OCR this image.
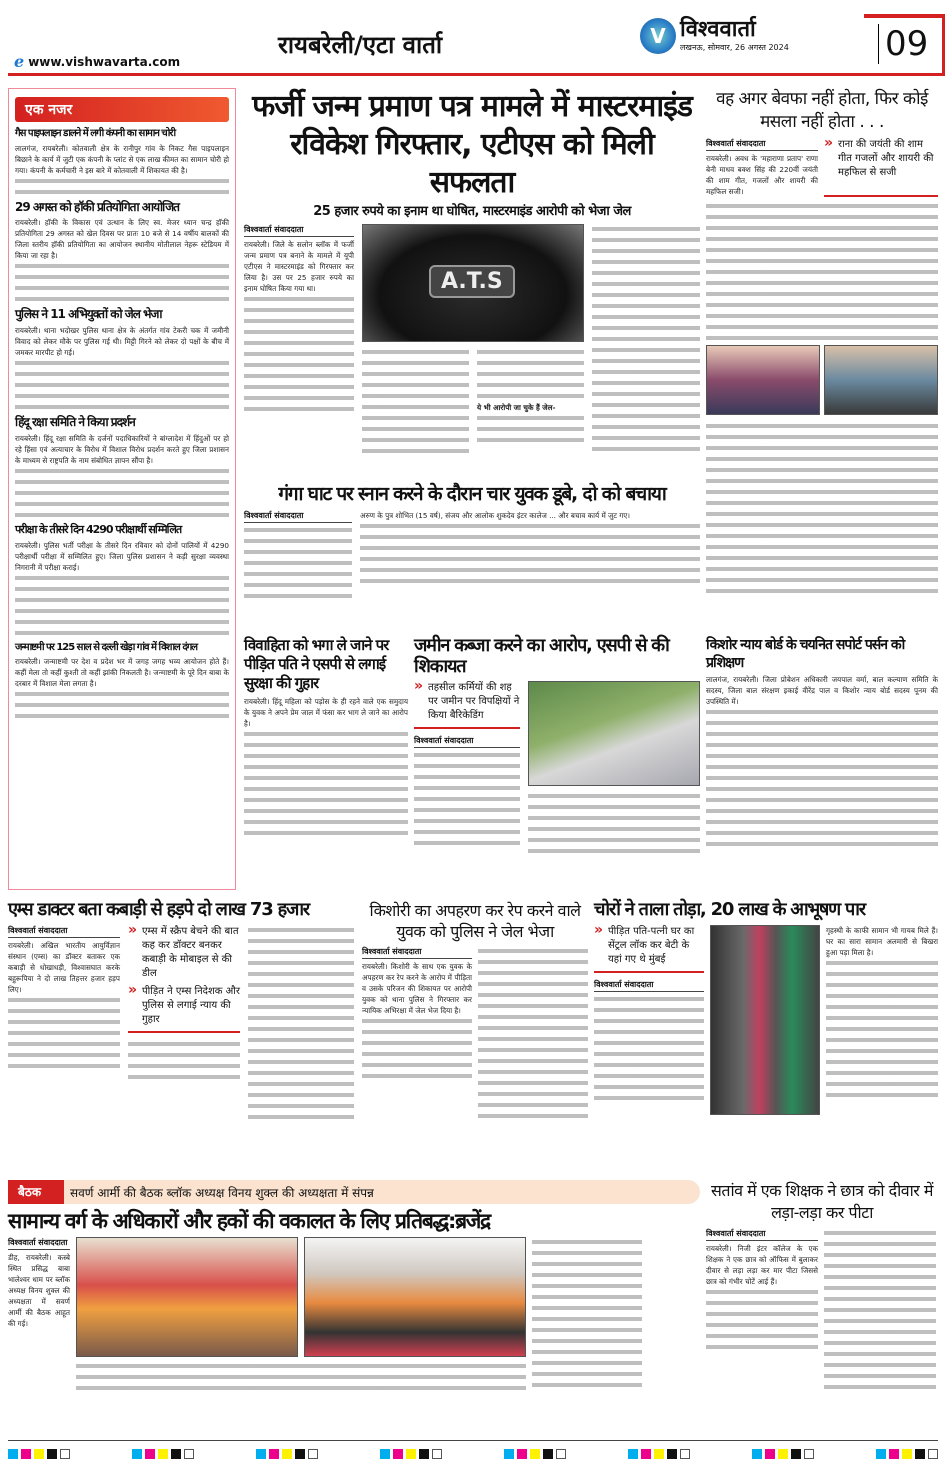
e www.vishwavarta.com
रायबरेली/एटा वार्ता	V विश्ववार्ता
लखनऊ, सोमवार, 26 अगस्त 2024	09
एक नजर
गैस पाइपलाइन डालने में लगी कंपनी का सामान चोरी
लालगंज, रायबरेली। कोतवाली क्षेत्र के रानीपुर गांव के निकट गैस पाइपलाइन बिछाने के कार्य में जुटी एक कंपनी के प्लांट से एक लाख कीमत का सामान चोरी हो गया। कंपनी के कर्मचारी ने इस बारे में कोतवाली में शिकायत की है।
29 अगस्त को हॉकी प्रतियोगिता आयोजित
रायबरेली। हॉकी के विकास एवं उत्थान के लिए स्व. मेजर ध्यान चन्द्र हॉकी प्रतियोगिता 29 अगस्त को खेल दिवस पर प्रातः 10 बजे से 14 वर्षीय बालकों की जिला स्तरीय हॉकी प्रतियोगिता का आयोजन स्थानीय मोतीलाल नेहरू स्टेडियम में किया जा रहा है।
पुलिस ने 11 अभियुक्तों को जेल भेजा
रायबरेली। थाना भदोखर पुलिस थाना क्षेत्र के अंतर्गत गांव टेकरी चक में जमीनी विवाद को लेकर मौके पर पुलिस गई थी। मिट्टी गिरने को लेकर दो पक्षों के बीच में जमकर मारपीट हो गई।
हिंदू रक्षा समिति ने किया प्रदर्शन
रायबरेली। हिंदू रक्षा समिति के दर्जनों पदाधिकारियों ने बांग्लादेश में हिंदुओं पर हो रहे हिंसा एवं अत्याचार के विरोध में विशाल विरोध प्रदर्शन करते हुए जिला प्रशासन के माध्यम से राष्ट्रपति के नाम संबोधित ज्ञापन सौंपा है।
परीक्षा के तीसरे दिन 4290 परीक्षार्थी सम्मिलित
रायबरेली। पुलिस भर्ती परीक्षा के तीसरे दिन रविवार को दोनों पालियों में 4290 परीक्षार्थी परीक्षा में सम्मिलित हुए। जिला पुलिस प्रशासन ने कड़ी सुरक्षा व्यवस्था निगरानी में परीक्षा कराई।
जन्माष्टमी पर 125 साल से दल्ली खेड़ा गांव में विशाल दंगल
रायबरेली। जन्माष्टमी पर देश व प्रदेश भर में जगह जगह भव्य आयोजन होते हैं। कहीं मेला तो कहीं कुश्ती तो कहीं झांकी निकलती है। जन्माष्टमी के पूरे दिन बाबा के दरबार में विशाल मेला लगता है।
फर्जी जन्म प्रमाण पत्र मामले में मास्टरमाइंड
रविकेश गिरफ्तार, एटीएस को मिली सफलता
25 हजार रुपये का इनाम था घोषित, मास्टरमाइंड आरोपी को भेजा जेल
विश्ववार्ता संवाददाता
रायबरेली। जिले के सलोन ब्लॉक में फर्जी जन्म प्रमाण पत्र बनाने के मामले में यूपी एटीएस ने मास्टरमाइंड को गिरफ्तार कर लिया है। उस पर 25 हजार रुपये का इनाम घोषित किया गया था।	A.T.S
ये भी आरोपी जा चुके हैं जेल-
वह अगर बेवफा नहीं होता, फिर कोई मसला नहीं होता . . .
विश्ववार्ता संवाददाता
रायबरेली। अवध के 'महाराणा प्रताप' राणा बेनी माधव बक्श सिंह की 220वीं जयंती की शाम गीत, गजलों और शायरी की महफिल सजी।
» राना की जयंती की शाम गीत गजलों और शायरी की महफिल से सजी
गंगा घाट पर स्नान करने के दौरान चार युवक डूबे, दो को बचाया
विश्ववार्ता संवाददाता	अरुण के पुत्र शोभित (15 वर्ष), संजय और आलोक शुकदेव इंटर कालेज ... और बचाव कार्य में जुट गए।
विवाहिता को भगा ले जाने पर पीड़ित पति ने एसपी से लगाई सुरक्षा की गुहार
रायबरेली। हिंदू महिला को पड़ोस के ही रहने वाले एक समुदाय के युवक ने अपने प्रेम जाल में फंसा कर भाग ले जाने का आरोप है।
जमीन कब्जा करने का आरोप, एसपी से की शिकायत
» तहसील कर्मियों की शह पर जमीन पर विपक्षियों ने किया बैरिकेडिंग
विश्ववार्ता संवाददाता
किशोर न्याय बोर्ड के चयनित सपोर्ट पर्सन को प्रशिक्षण
लालगंज, रायबरेली। जिला प्रोबेशन अधिकारी जयपाल वर्मा, बाल कल्याण समिति के सदस्य, जिला बाल संरक्षण इकाई वीरेंद्र पाल व किशोर न्याय बोर्ड सदस्य पूनम की उपस्थिति में।
एम्स डाक्टर बता कबाड़ी से हड़पे दो लाख 73 हजार
विश्ववार्ता संवाददाता
रायबरेली। अखिल भारतीय आयुर्विज्ञान संस्थान (एम्स) का डॉक्टर बताकर एक कबाड़ी से धोखाधड़ी, विश्वासघात करके बहुरूपिया ने दो लाख तिहत्तर हजार हड़प लिए।
» एम्स में स्क्रैप बेचने की बात कह कर डॉक्टर बनकर कबाड़ी के मोबाइल से की डील
» पीड़ित ने एम्स निदेशक और पुलिस से लगाई न्याय की गुहार
किशोरी का अपहरण कर रेप करने वाले युवक को पुलिस ने जेल भेजा
विश्ववार्ता संवाददाता
रायबरेली। किशोरी के साथ एक युवक के अपहरण कर रेप करने के आरोप में पीड़िता व उसके परिजन की शिकायत पर आरोपी युवक को थाना पुलिस ने गिरफ्तार कर न्यायिक अभिरक्षा में जेल भेज दिया है।
चोरों ने ताला तोड़ा, 20 लाख के आभूषण पार
» पीड़ित पति-पत्नी घर का सेंट्रल लॉक कर बेटी के यहां गए थे मुंबई
विश्ववार्ता संवाददाता
गृहस्थी के काफी सामान भी गायब मिले हैं। घर का सारा सामान अलमारी से बिखरा हुआ पड़ा मिला है।
बैठक	सवर्ण आर्मी की बैठक ब्लॉक अध्यक्ष विनय शुक्ल की अध्यक्षता में संपन्न
सामान्य वर्ग के अधिकारों और हकों की वकालत के लिए प्रतिबद्ध:ब्रजेंद्र
विश्ववार्ता संवाददाता
डीह, रायबरेली। कस्बे स्थित प्रसिद्ध बाबा भालेश्वर धाम पर ब्लॉक अध्यक्ष विनय शुक्ल की अध्यक्षता में सवर्ण आर्मी की बैठक आहूत की गई।
सतांव में एक शिक्षक ने छात्र को दीवार में लड़ा-लड़ा कर पीटा
विश्ववार्ता संवाददाता
रायबरेली। निजी इंटर कॉलेज के एक शिक्षक ने एक छात्र को ऑफिस में बुलाकर दीवार से लड़ा लड़ा कर मार पीटा जिससे छात्र को गंभीर चोटें आई हैं।
